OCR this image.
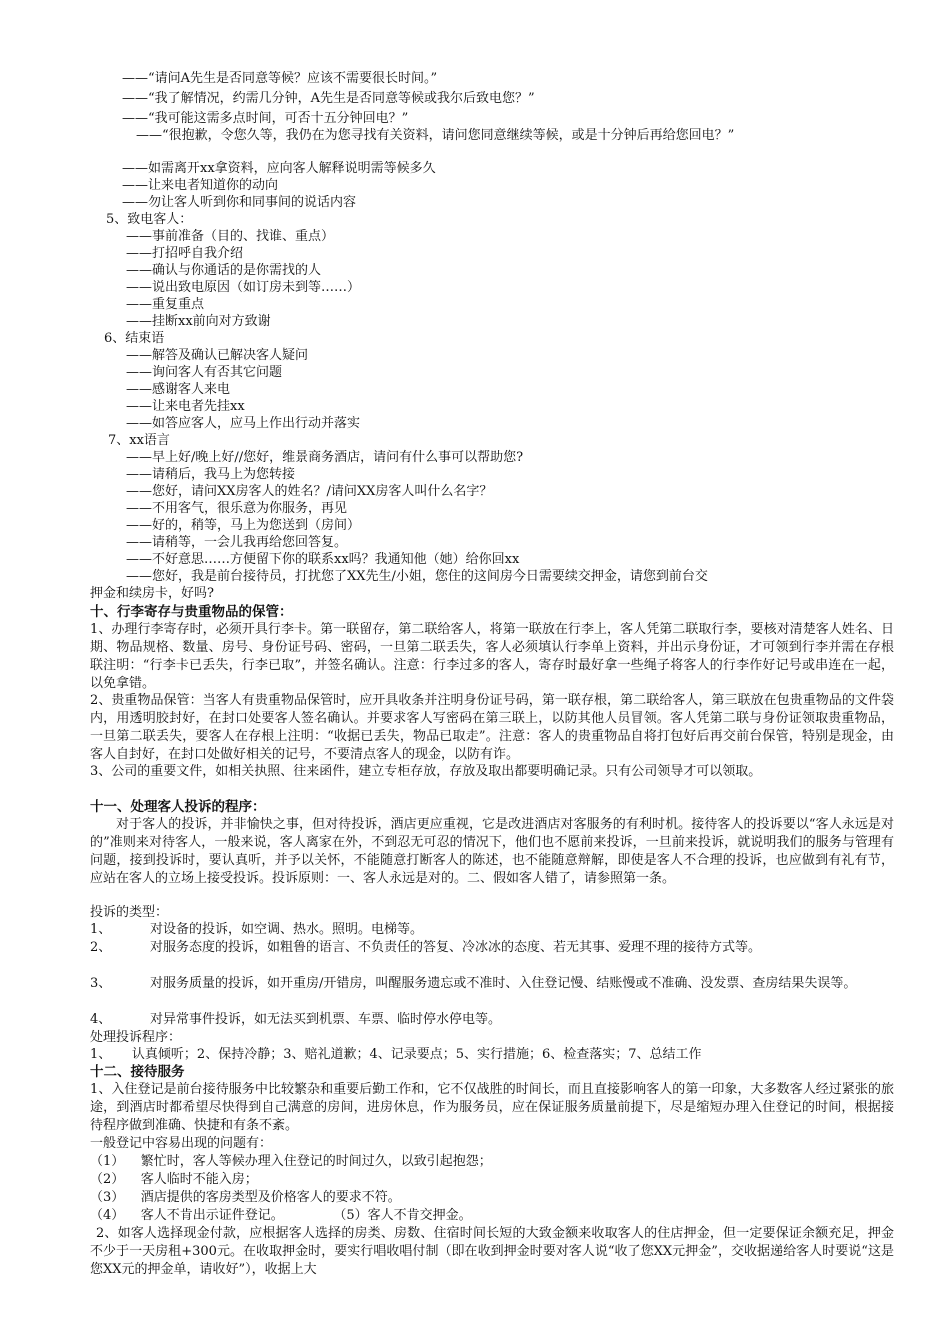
——“请问A先生是否同意等候？应该不需要很长时间。”
——“我了解情况，约需几分钟，A先生是否同意等候或我尔后致电您？”
——“我可能这需多点时间，可否十五分钟回电？”
——“很抱歉，令您久等，我仍在为您寻找有关资料，请问您同意继续等候，或是十分钟后再给您回电？”
——如需离开xx拿资料，应向客人解释说明需等候多久
——让来电者知道你的动向
——勿让客人听到你和同事间的说话内容
5、致电客人：
——事前准备（目的、找谁、重点）
——打招呼自我介绍
——确认与你通话的是你需找的人
——说出致电原因（如订房未到等……）
——重复重点
——挂断xx前向对方致谢
6、结束语
——解答及确认已解决客人疑问
——询问客人有否其它问题
——感谢客人来电
——让来电者先挂xx
——如答应客人，应马上作出行动并落实
7、xx语言
——早上好/晚上好//您好，维景商务酒店，请问有什么事可以帮助您?
——请稍后，我马上为您转接
——您好，请问XX房客人的姓名？/请问XX房客人叫什么名字？
——不用客气，很乐意为你服务，再见
——好的，稍等，马上为您送到（房间）
——请稍等，一会儿我再给您回答复。
——不好意思……方便留下你的联系xx吗？我通知他（她）给你回xx
——您好，我是前台接待员，打扰您了XX先生/小姐，您住的这间房今日需要续交押金，请您到前台交
押金和续房卡，好吗?
十、行李寄存与贵重物品的保管：
1、办理行李寄存时，必须开具行李卡。第一联留存，第二联给客人，将第一联放在行李上，客人凭第二联取行李，要核对清楚客人姓名、日期、物品规格、数量、房号、身份证号码、密码，一旦第二联丢失，客人必须填认行李单上资料，并出示身份证，才可领到行李并需在存根联注明：“行李卡已丢失，行李已取”，并签名确认。注意：行李过多的客人，寄存时最好拿一些绳子将客人的行李作好记号或串连在一起，以免拿错。
2、贵重物品保管：当客人有贵重物品保管时，应开具收条并注明身份证号码，第一联存根，第二联给客人，第三联放在包贵重物品的文件袋内，用透明胶封好，在封口处要客人签名确认。并要求客人写密码在第三联上，以防其他人员冒领。客人凭第二联与身份证领取贵重物品，一旦第二联丢失，要客人在存根上注明：“收据已丢失，物品已取走”。注意：客人的贵重物品自将打包好后再交前台保管，特别是现金，由客人自封好，在封口处做好相关的记号，不要清点客人的现金，以防有诈。
3、公司的重要文件，如相关执照、往来函件，建立专柜存放，存放及取出都要明确记录。只有公司领导才可以领取。
十一、处理客人投诉的程序：
对于客人的投诉，并非愉快之事，但对待投诉，酒店更应重视，它是改进酒店对客服务的有利时机。接待客人的投诉要以“客人永远是对的”准则来对待客人，一般来说，客人离家在外，不到忍无可忍的情况下，他们也不愿前来投诉，一旦前来投诉，就说明我们的服务与管理有问题，接到投诉时，要认真听，并予以关怀，不能随意打断客人的陈述，也不能随意辩解，即使是客人不合理的投诉，也应做到有礼有节，应站在客人的立场上接受投诉。投诉原则：一、客人永远是对的。二、假如客人错了，请参照第一条。
投诉的类型：
1、	对设备的投诉，如空调、热水。照明。电梯等。
2、	对服务态度的投诉，如粗鲁的语言、不负责任的答复、冷冰冰的态度、若无其事、爱理不理的接待方式等。
3、	对服务质量的投诉，如开重房/开错房，叫醒服务遗忘或不准时、入住登记慢、结账慢或不准确、没发票、查房结果失误等。
4、	对异常事件投诉，如无法买到机票、车票、临时停水停电等。
处理投诉程序：
1、     认真倾听；2、保持冷静；3、赔礼道歉；4、记录要点；5、实行措施；6、检查落实；7、总结工作
十二、接待服务
1、入住登记是前台接待服务中比较繁杂和重要后勤工作和，它不仅战胜的时间长，而且直接影响客人的第一印象，大多数客人经过紧张的旅途，到酒店时都希望尽快得到自己满意的房间，进房休息，作为服务员，应在保证服务质量前提下，尽是缩短办理入住登记的时间，根据接待程序做到准确、快捷和有条不紊。
一般登记中容易出现的问题有：
（1）    繁忙时，客人等候办理入住登记的时间过久，以致引起抱怨；
（2）    客人临时不能入房；
（3）    酒店提供的客房类型及价格客人的要求不符。
（4）    客人不肯出示证件登记。            （5）客人不肯交押金。
2、如客人选择现金付款，应根据客人选择的房类、房数、住宿时间长短的大致金额来收取客人的住店押金，但一定要保证余额充足，押金不少于一天房租+300元。在收取押金时，要实行唱收唱付制（即在收到押金时要对客人说“收了您XX元押金”，交收据递给客人时要说“这是您XX元的押金单，请收好”），收据上大
